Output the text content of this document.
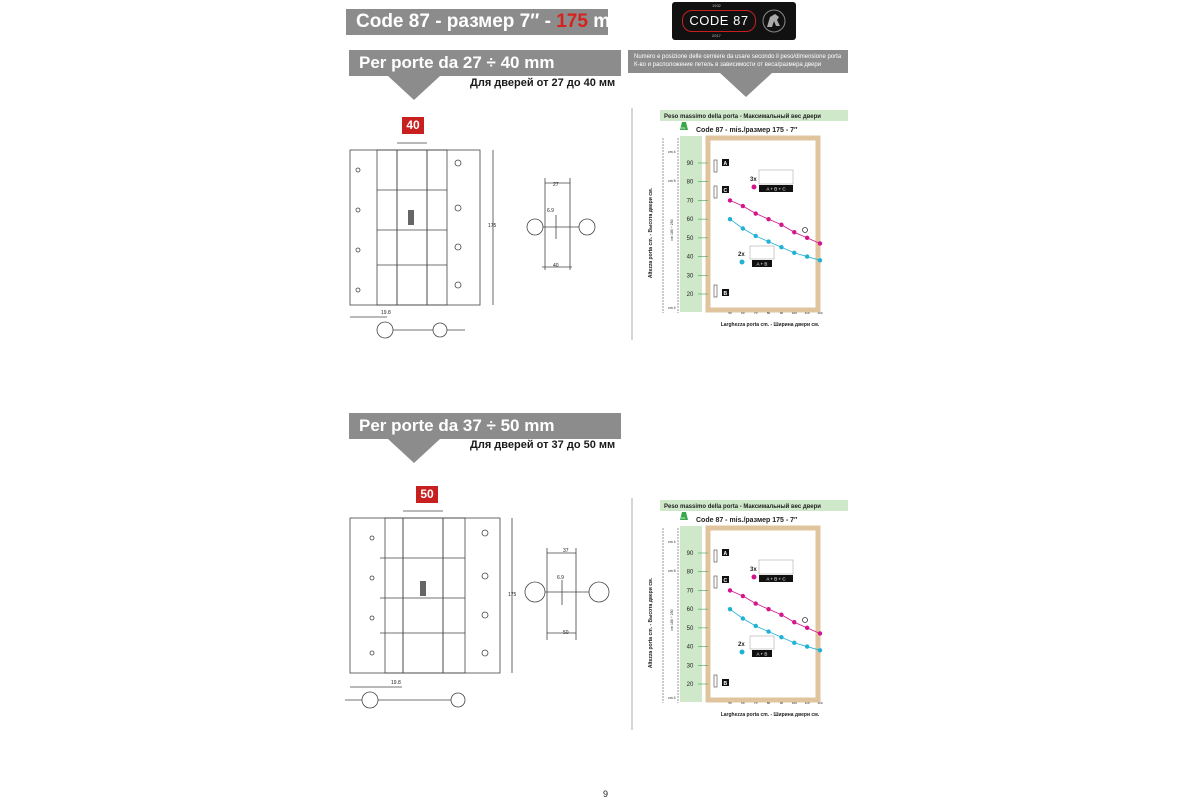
Code 87 - размер 7″ - 175 mm
1932
CODE 87
2017
Numero e posizione delle cerniere da usare secondo il peso/dimensione porta
К-во и расположение петель в зависимости от веса/размера двери
Per porte da 27 ÷ 40 mm
Для дверей от 27 до 40 мм
40
175
19.8
27
6.9
40
Per porte da 37 ÷ 50 mm
Для дверей от 37 до 50 мм
50
175
19.8
37
6.9
50
Peso massimo della porta - Максимальный вес двери
Code 87 - mis./размер 175 - 7″
KG
90
80
70
60
50
40
30
20
cm 4
cm 5
cm 4
Altezza porta cm. - Высота двери см.	cm 180 ÷ 250
A
C
B
50	60	70	80	90	100	110	120
Larghezza porta cm. - Ширина двери см.
3x
A + B + C
2x
A + B
Peso massimo della porta - Максимальный вес двери
Code 87 - mis./размер 175 - 7″
KG
90
80
70
60
50
40
30
20
cm 4
cm 5
cm 4
Altezza porta cm. - Высота двери см.	cm 180 ÷ 250
A
C
B
50	60	70	80	90	100	110	120
Larghezza porta cm. - Ширина двери см.
3x
A + B + C
2x
A + B
9
